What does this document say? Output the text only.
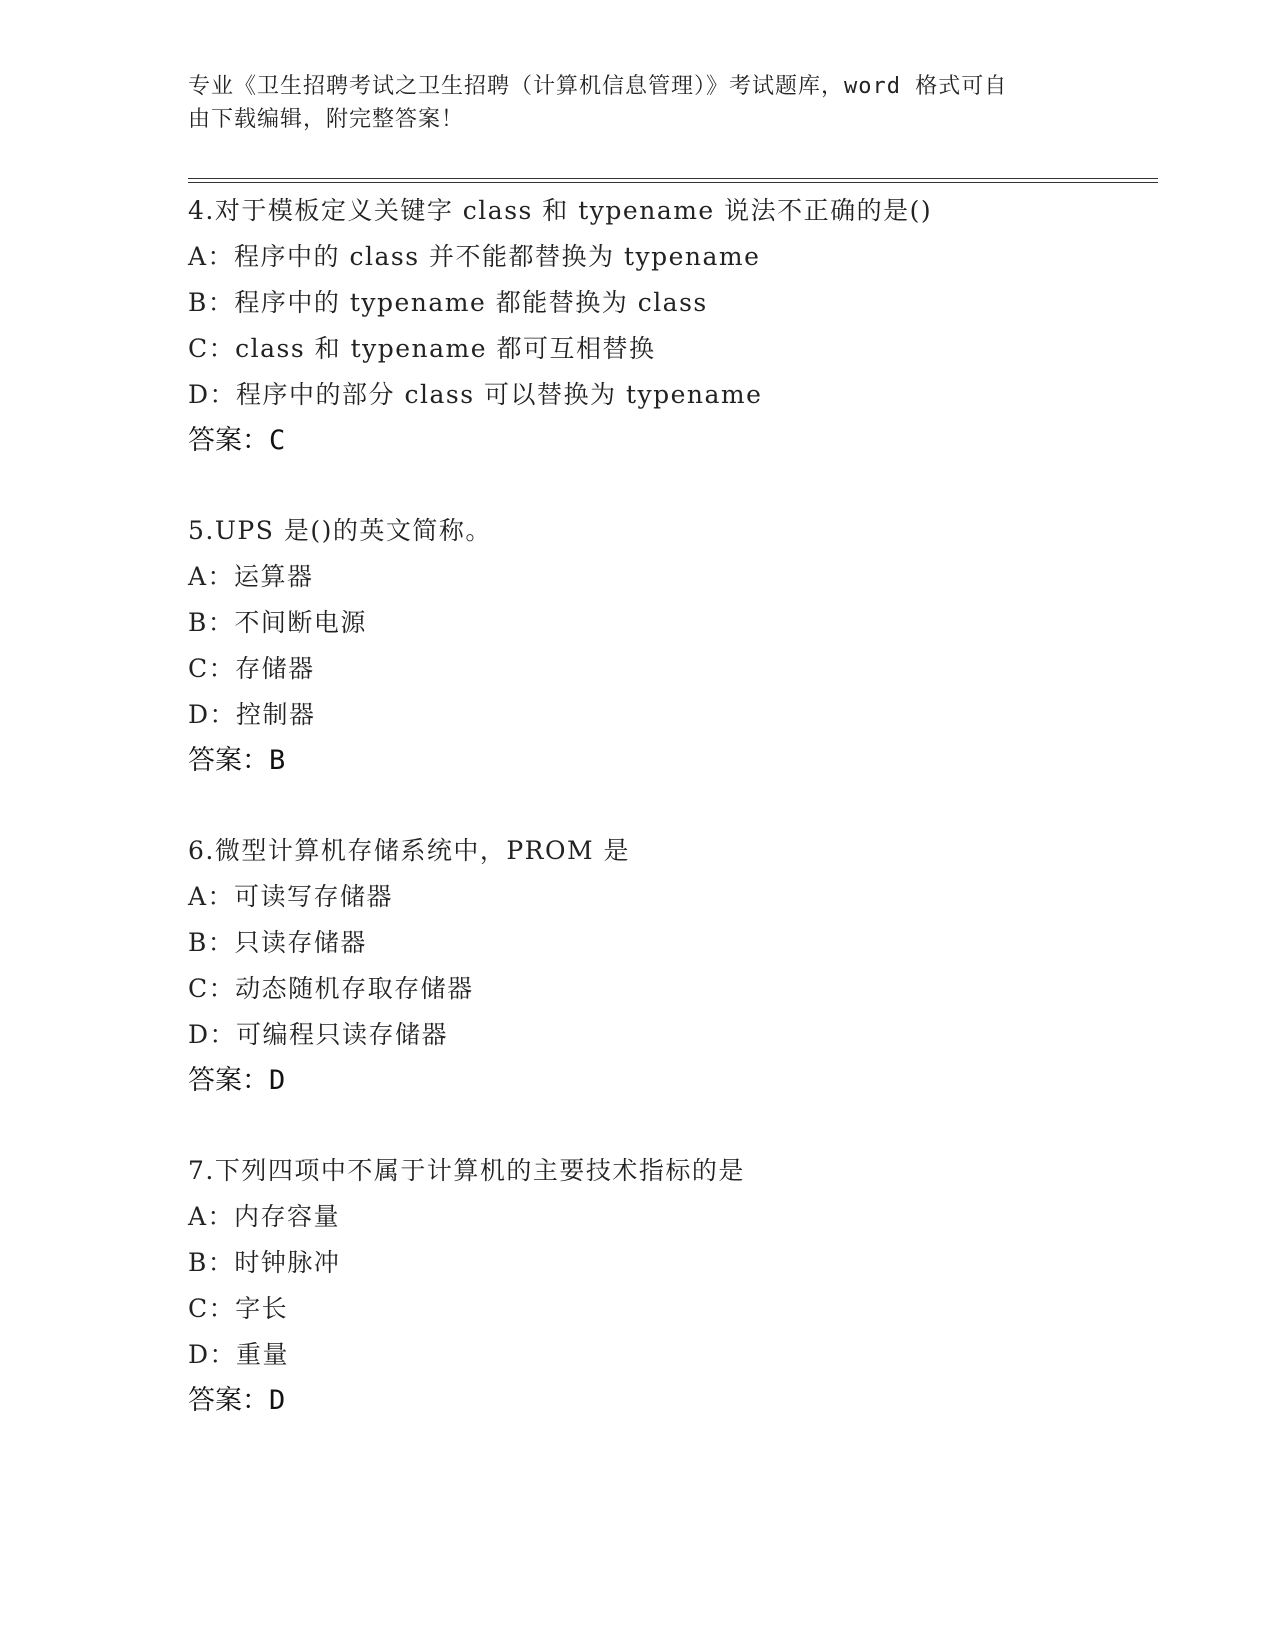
专业《卫生招聘考试之卫生招聘（计算机信息管理）》考试题库，word 格式可自
由下载编辑，附完整答案！
4.对于模板定义关键字 class 和 typename 说法不正确的是()
A：程序中的 class 并不能都替换为 typename
B：程序中的 typename 都能替换为 class
C：class 和 typename 都可互相替换
D：程序中的部分 class 可以替换为 typename
答案：C
5.UPS 是()的英文简称。
A：运算器
B：不间断电源
C：存储器
D：控制器
答案：B
6.微型计算机存储系统中，PROM 是
A：可读写存储器
B：只读存储器
C：动态随机存取存储器
D：可编程只读存储器
答案：D
7.下列四项中不属于计算机的主要技术指标的是
A：内存容量
B：时钟脉冲
C：字长
D：重量
答案：D
